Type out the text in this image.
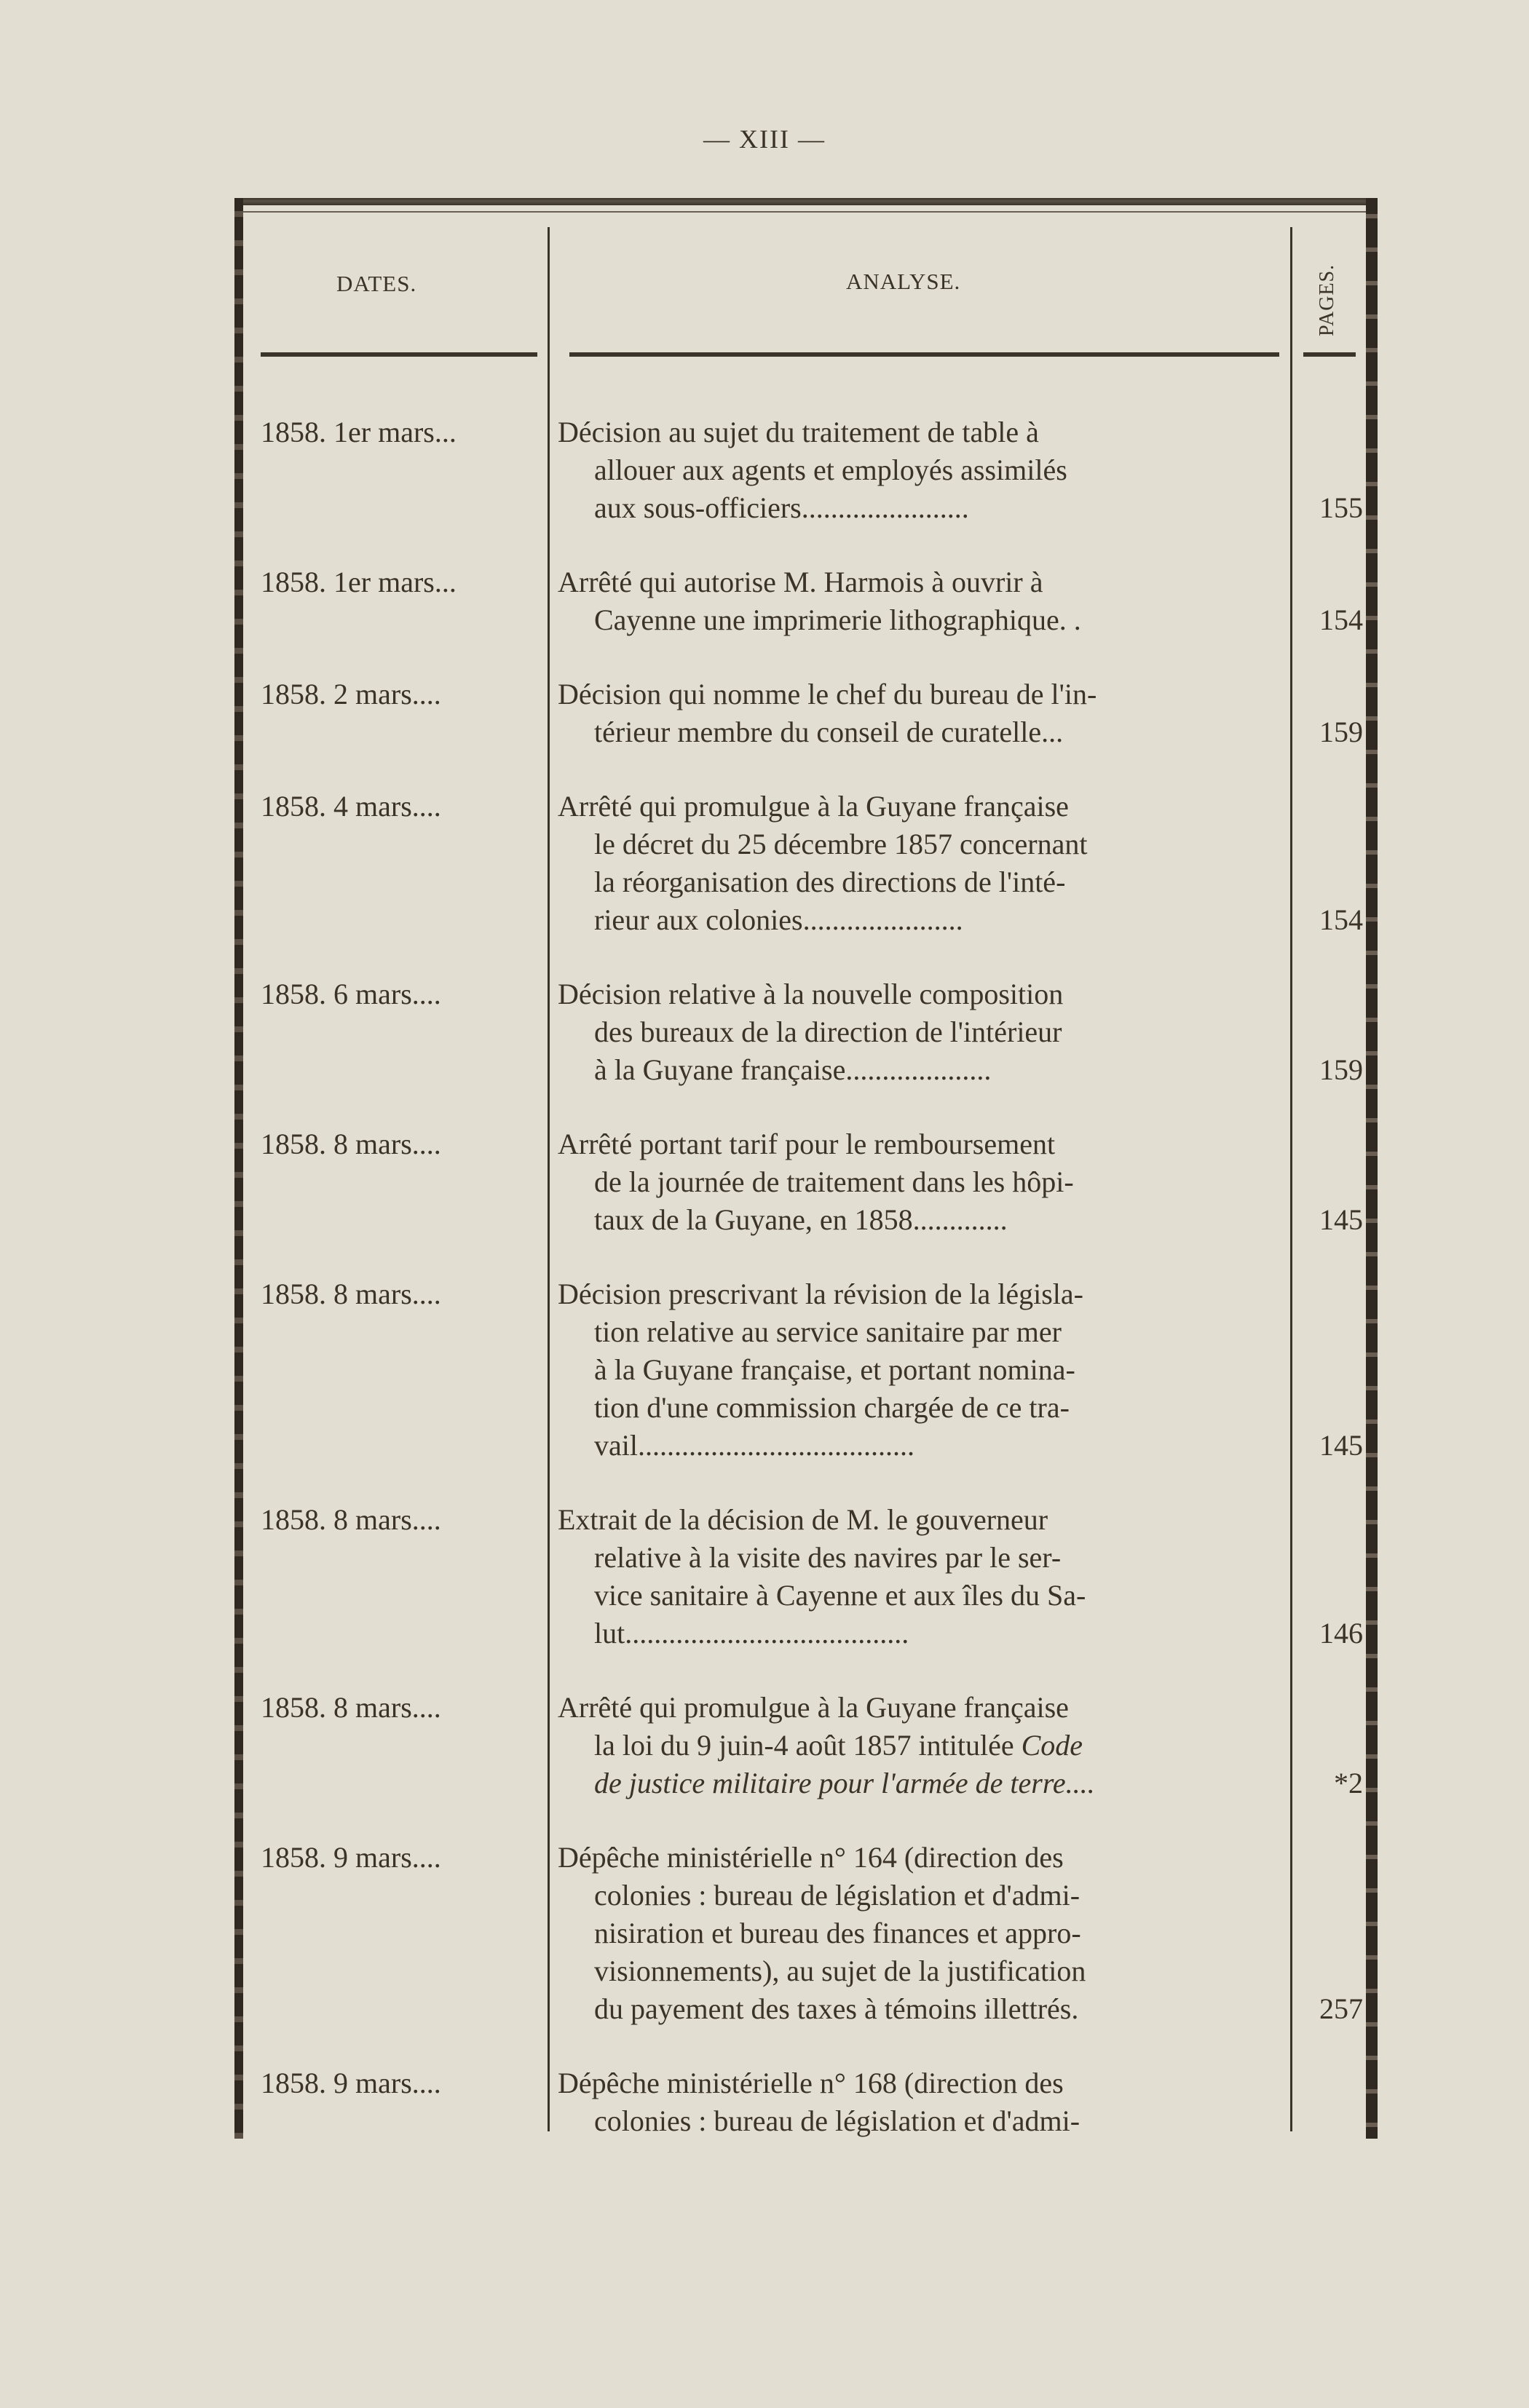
— XIII —
DATES.	ANALYSE.	PAGES.
1858. 1er mars...	Décision au sujet du traitement de table à
allouer aux agents et employés assimilés
aux sous-officiers.......................	155
1858. 1er mars...	Arrêté qui autorise M. Harmois à ouvrir à
Cayenne une imprimerie lithographique. .	154
1858. 2 mars....	Décision qui nomme le chef du bureau de l'in-
térieur membre du conseil de curatelle...	159
1858. 4 mars....	Arrêté qui promulgue à la Guyane française
le décret du 25 décembre 1857 concernant
la réorganisation des directions de l'inté-
rieur aux colonies......................	154
1858. 6 mars....	Décision relative à la nouvelle composition
des bureaux de la direction de l'intérieur
à la Guyane française....................	159
1858. 8 mars....	Arrêté portant tarif pour le remboursement
de la journée de traitement dans les hôpi-
taux de la Guyane, en 1858.............	145
1858. 8 mars....	Décision prescrivant la révision de la législa-
tion relative au service sanitaire par mer
à la Guyane française, et portant nomina-
tion d'une commission chargée de ce tra-
vail......................................	145
1858. 8 mars....	Extrait de la décision de M. le gouverneur
relative à la visite des navires par le ser-
vice sanitaire à Cayenne et aux îles du Sa-
lut.......................................	146
1858. 8 mars....	Arrêté qui promulgue à la Guyane française
la loi du 9 juin-4 août 1857 intitulée Code
de justice militaire pour l'armée de terre....	*2
1858. 9 mars....	Dépêche ministérielle n° 164 (direction des
colonies : bureau de législation et d'admi-
nisiration et bureau des finances et appro-
visionnements), au sujet de la justification
du payement des taxes à témoins illettrés.	257
1858. 9 mars....	Dépêche ministérielle n° 168 (direction des
colonies : bureau de législation et d'admi-
